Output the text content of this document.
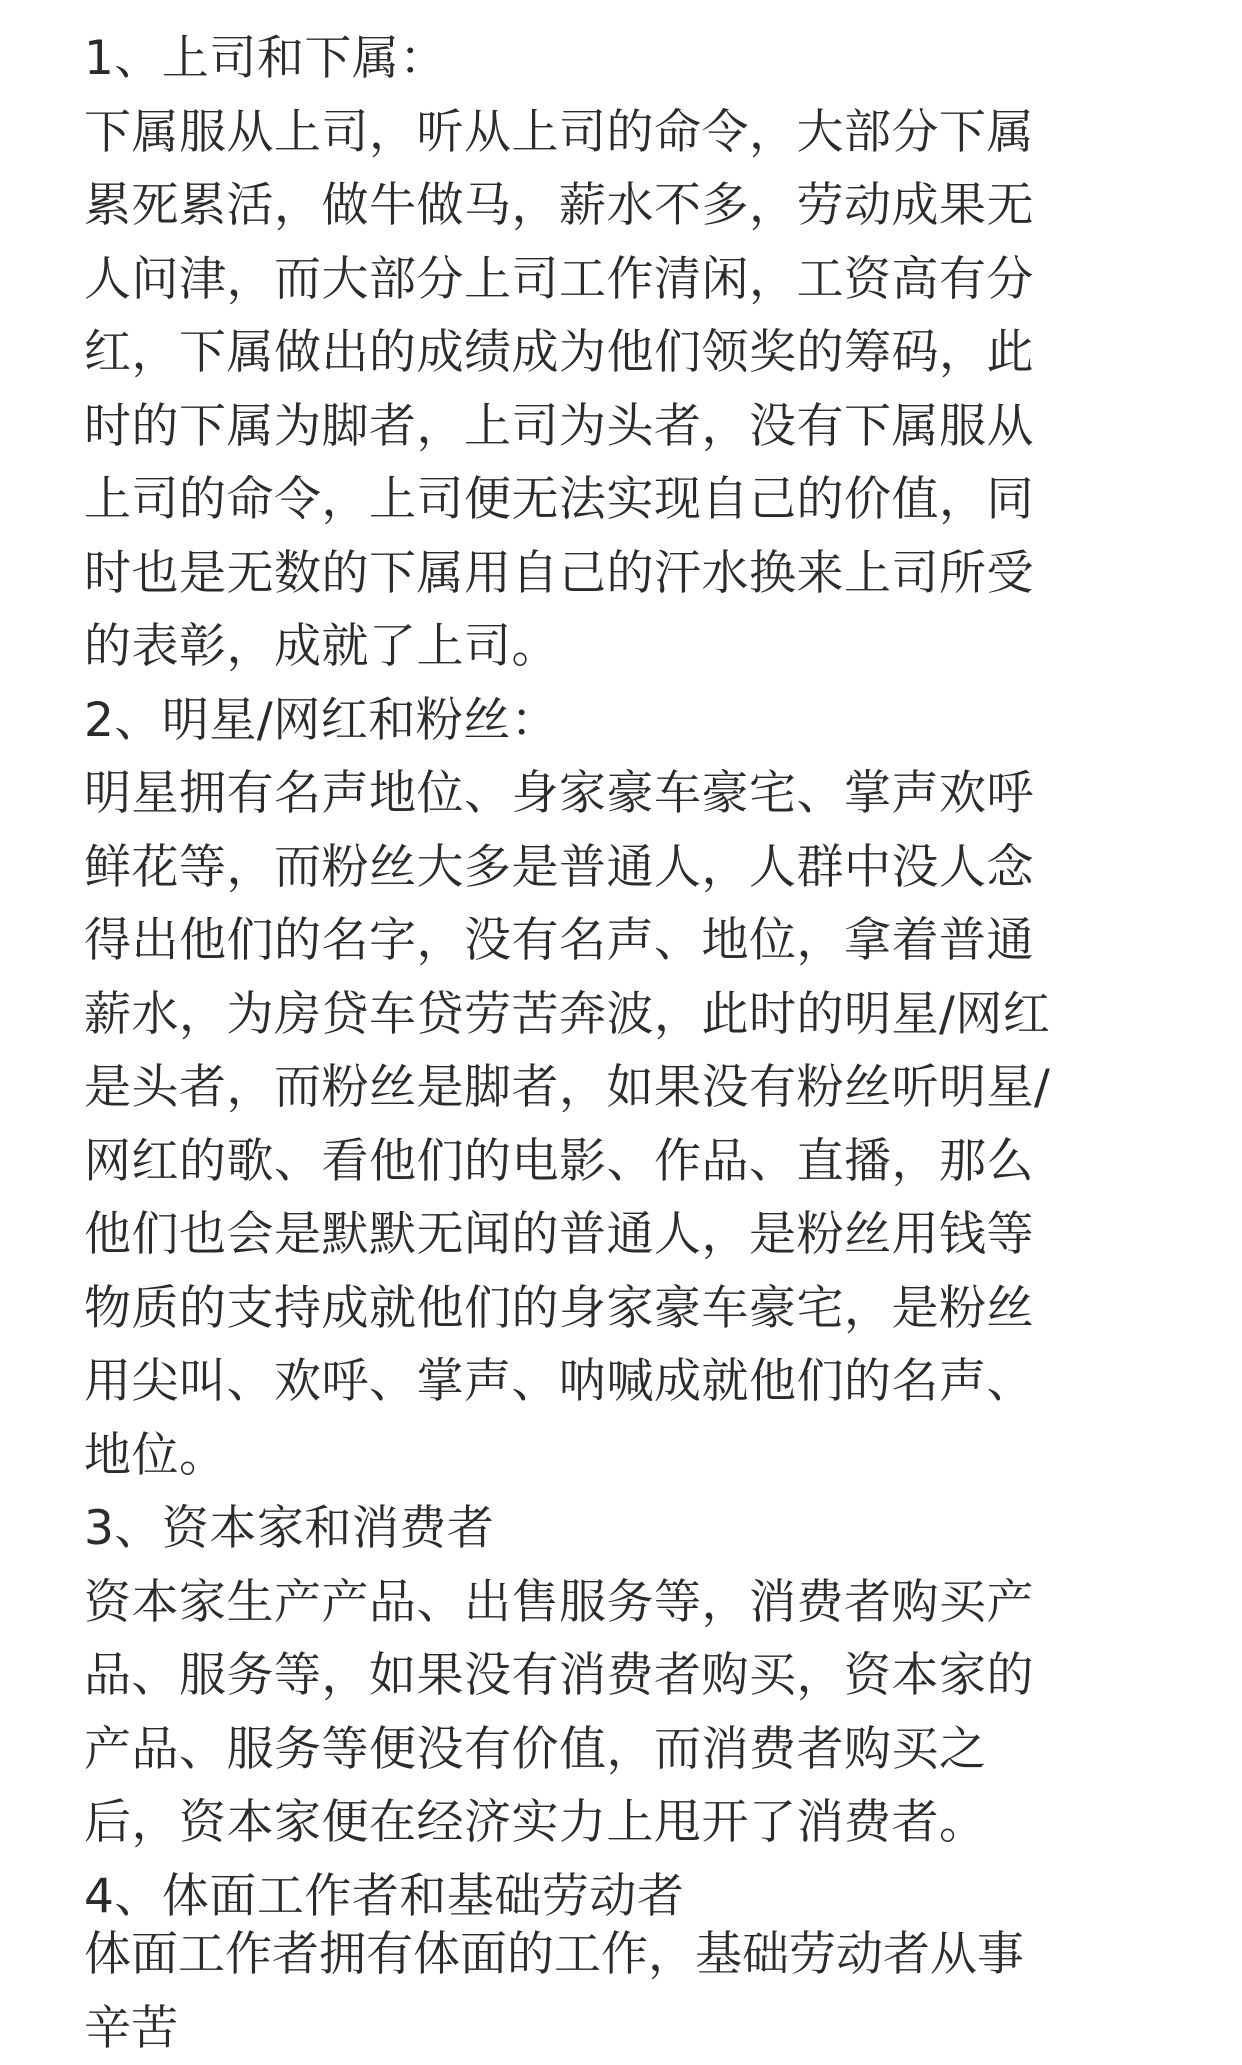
1、上司和下属：

下属服从上司，听从上司的命令，大部分下属
累死累活，做牛做马，薪水不多，劳动成果无
人问津，而大部分上司工作清闲，工资高有分
红，下属做出的成绩成为他们领奖的筹码，此
时的下属为脚者，上司为头者，没有下属服从
上司的命令，上司便无法实现自己的价值，同
时也是无数的下属用自己的汗水换来上司所受
的表彰，成就了上司。

2、明星/网红和粉丝：

明星拥有名声地位、身家豪车豪宅、掌声欢呼
鲜花等，而粉丝大多是普通人，人群中没人念
得出他们的名字，没有名声、地位，拿着普通
薪水，为房贷车贷劳苦奔波，此时的明星/网红
是头者，而粉丝是脚者，如果没有粉丝听明星/
网红的歌、看他们的电影、作品、直播，那么
他们也会是默默无闻的普通人，是粉丝用钱等
物质的支持成就他们的身家豪车豪宅，是粉丝
用尖叫、欢呼、掌声、呐喊成就他们的名声、
地位。

3、资本家和消费者

资本家生产产品、出售服务等，消费者购买产
品、服务等，如果没有消费者购买，资本家的
产品、服务等便没有价值，而消费者购买之
后，资本家便在经济实力上甩开了消费者。

4、体面工作者和基础劳动者

体面工作者拥有体面的工作，基础劳动者从事辛苦
